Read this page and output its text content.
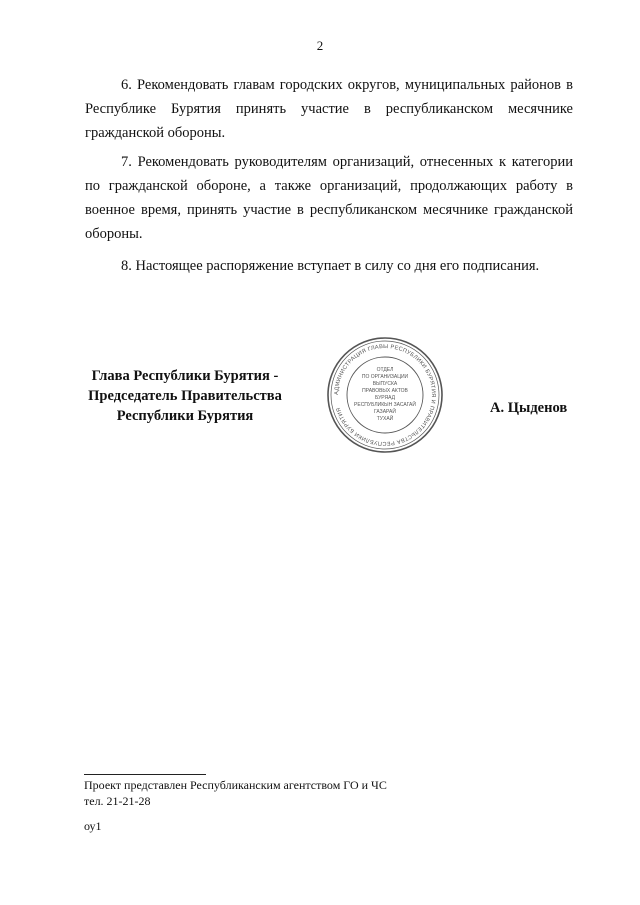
2

6. Рекомендовать главам городских округов, муниципальных районов в Республике Бурятия принять участие в республиканском месячнике гражданской обороны.

7. Рекомендовать руководителям организаций, отнесенных к категории по гражданской обороне, а также организаций, продолжающих работу в военное время, принять участие в республиканском месячнике гражданской обороны.

8. Настоящее распоряжение вступает в силу со дня его подписания.

Глава Республики Бурятия -
Председатель Правительства
Республики Бурятия
АДМИНИСТРАЦИЯ ГЛАВЫ РЕСПУБЛИКИ БУРЯТИЯ И ПРАВИТЕЛЬСТВА РЕСПУБЛИКИ БУРЯТИЯ
ОТДЕЛ
ПО ОРГАНИЗАЦИИ
ВЫПУСКА
ПРАВОВЫХ АКТОВ
БУРЯАД
РЕСПУБЛИКЫН ЗАСАГАЙ
ГАЗАРАЙ
ТУХАЙ
А. Цыденов
Проект представлен Республиканским агентством ГО и ЧС
тел. 21-21-28
оу1
